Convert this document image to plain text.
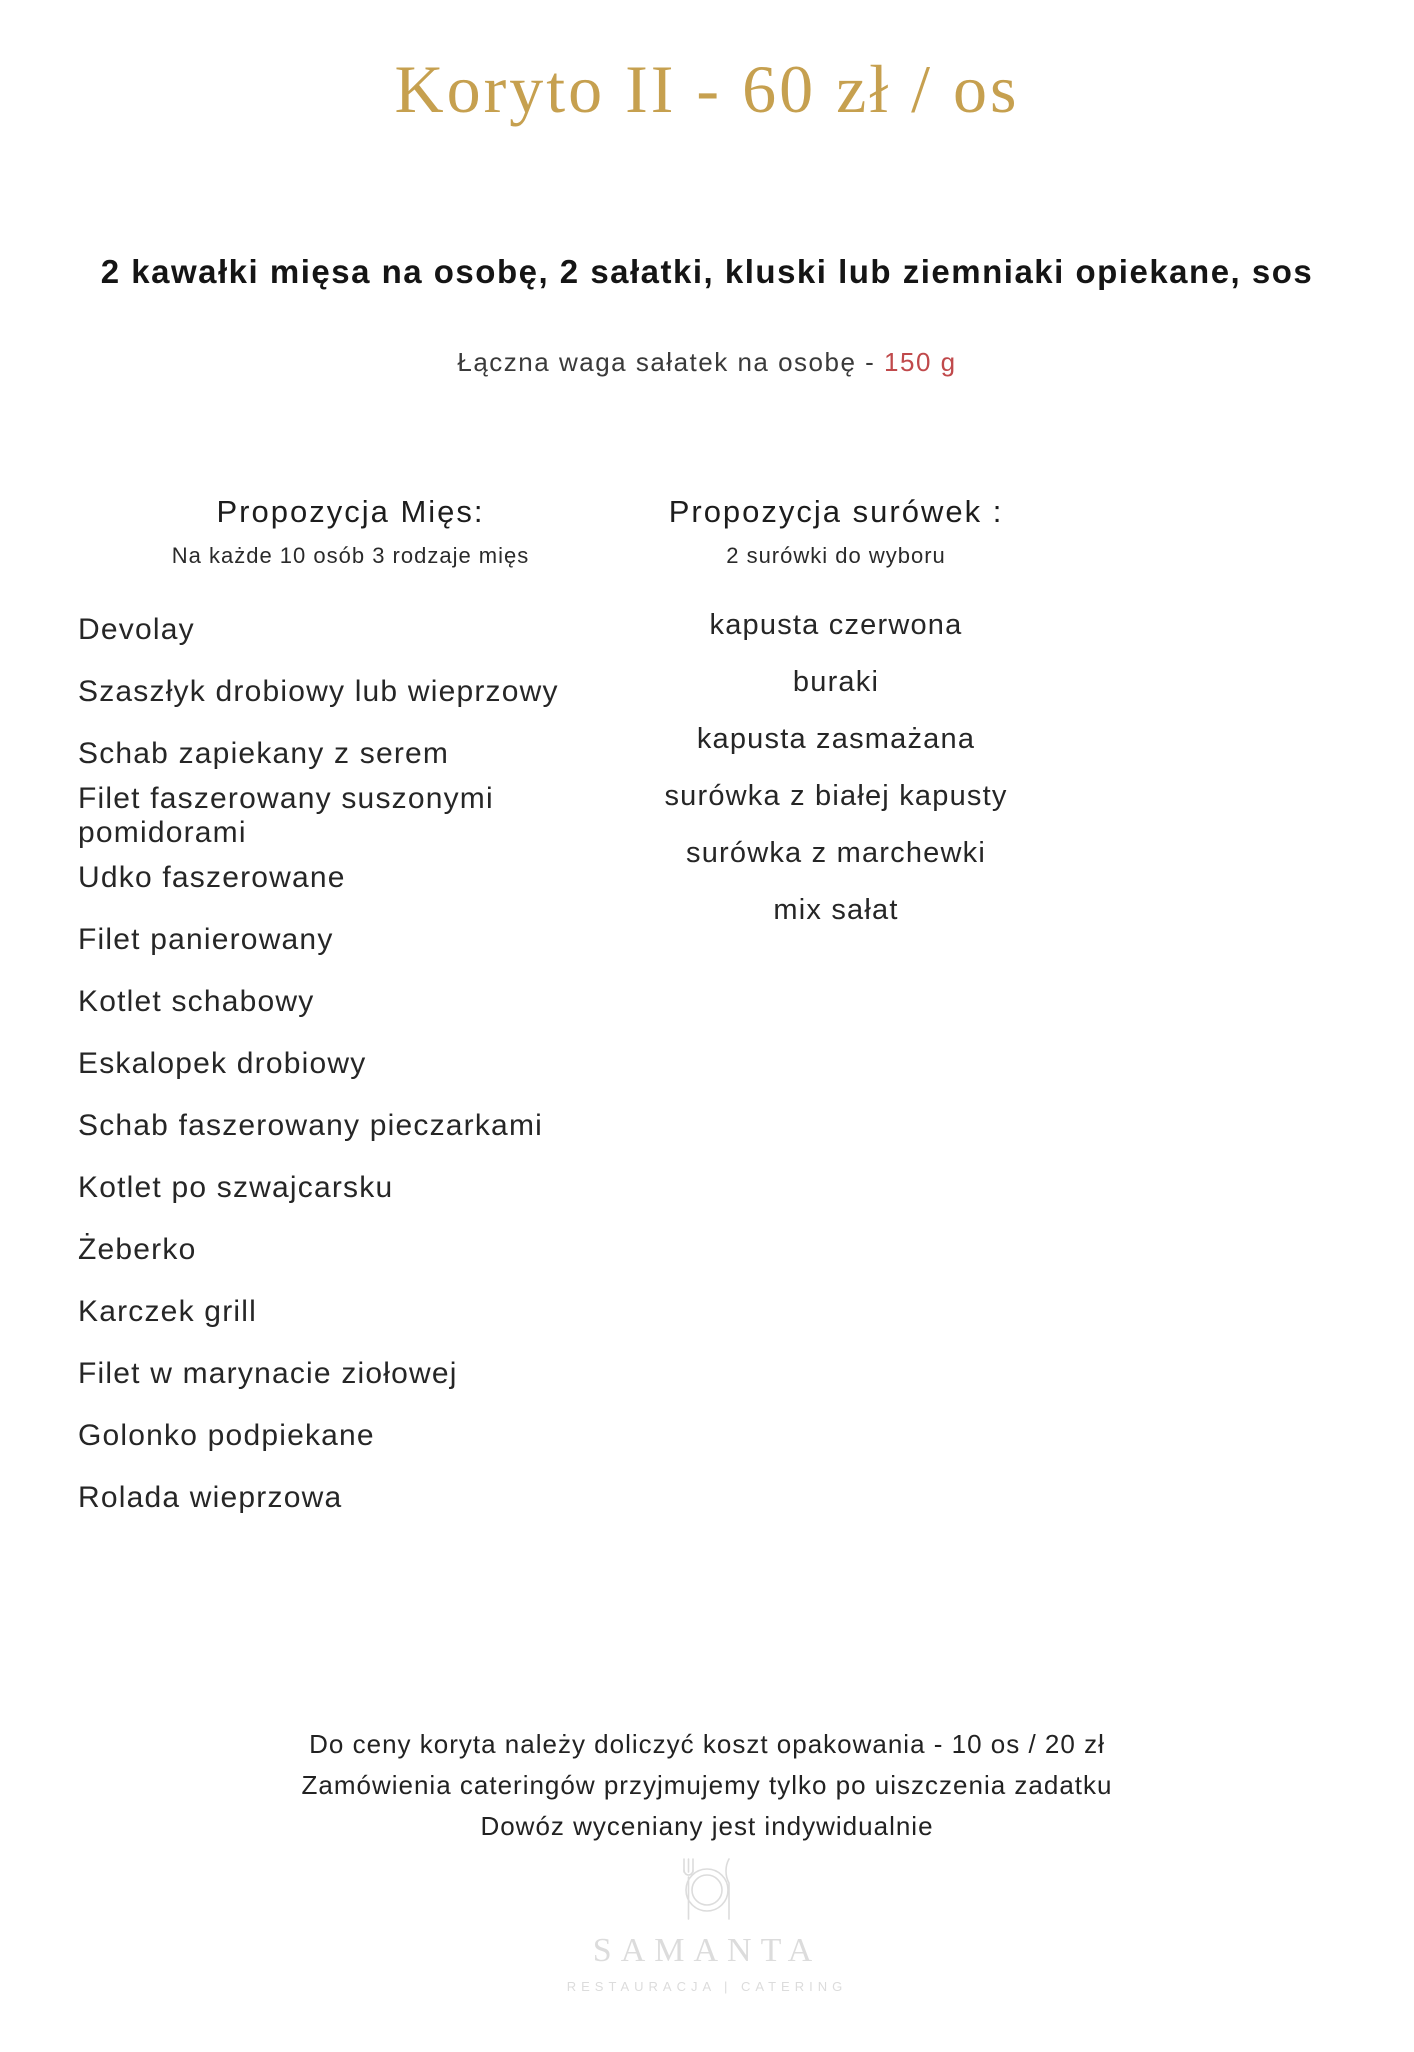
Koryto II - 60 zł / os
2 kawałki mięsa na osobę, 2 sałatki, kluski lub ziemniaki opiekane, sos
Łączna waga sałatek na osobę - 150 g
Propozycja Mięs:
Na każde 10 osób 3 rodzaje mięs
Devolay
Szaszłyk drobiowy lub wieprzowy
Schab zapiekany z serem
Filet faszerowany suszonymi pomidorami
Udko faszerowane
Filet panierowany
Kotlet schabowy
Eskalopek drobiowy
Schab faszerowany pieczarkami
Kotlet po szwajcarsku
Żeberko
Karczek grill
Filet w marynacie ziołowej
Golonko podpiekane
Rolada wieprzowa
Propozycja surówek :
2 surówki do wyboru
kapusta czerwona
buraki
kapusta zasmażana
surówka z białej kapusty
surówka z marchewki
mix sałat
Do ceny koryta należy doliczyć koszt opakowania - 10 os / 20 zł
Zamówienia cateringów przyjmujemy tylko po uiszczenia zadatku
Dowóz wyceniany jest indywidualnie
SAMANTA
RESTAURACJA | CATERING
